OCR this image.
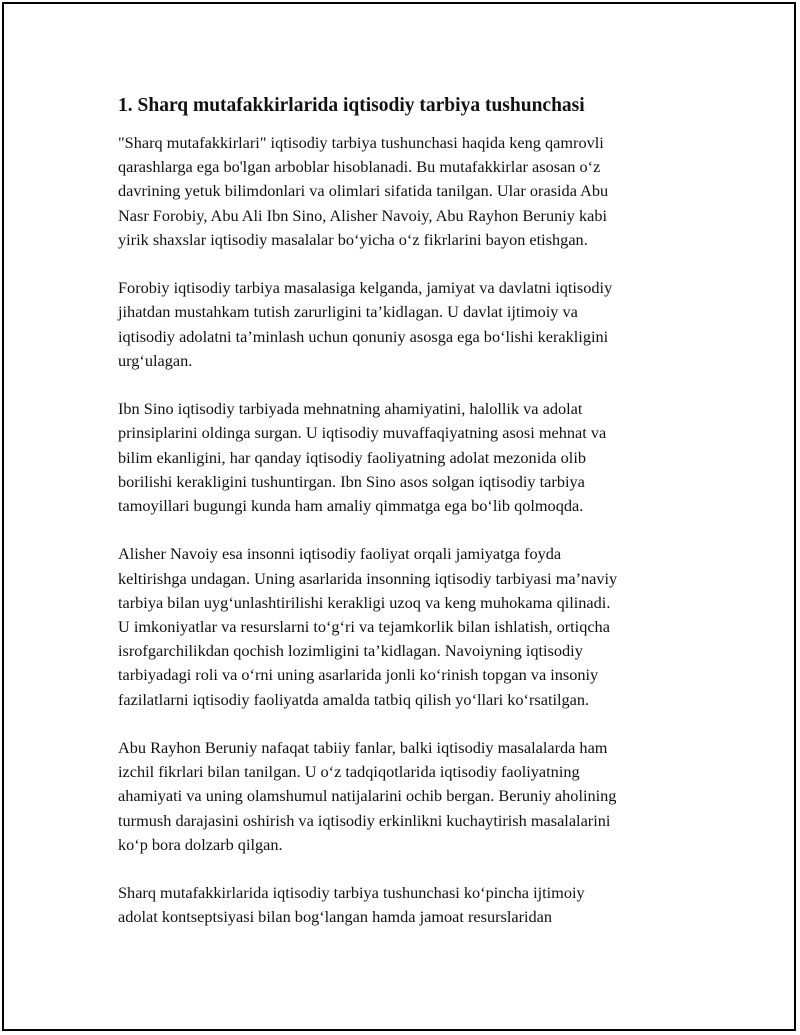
1. Sharq mutafakkirlarida iqtisodiy tarbiya tushunchasi
"Sharq mutafakkirlari" iqtisodiy tarbiya tushunchasi haqida keng qamrovli
qarashlarga ega bo'lgan arboblar hisoblanadi. Bu mutafakkirlar asosan o‘z
davrining yetuk bilimdonlari va olimlari sifatida tanilgan. Ular orasida Abu
Nasr Forobiy, Abu Ali Ibn Sino, Alisher Navoiy, Abu Rayhon Beruniy kabi
yirik shaxslar iqtisodiy masalalar bo‘yicha o‘z fikrlarini bayon etishgan.
Forobiy iqtisodiy tarbiya masalasiga kelganda, jamiyat va davlatni iqtisodiy
jihatdan mustahkam tutish zarurligini ta’kidlagan. U davlat ijtimoiy va
iqtisodiy adolatni ta’minlash uchun qonuniy asosga ega bo‘lishi kerakligini
urg‘ulagan.
Ibn Sino iqtisodiy tarbiyada mehnatning ahamiyatini, halollik va adolat
prinsiplarini oldinga surgan. U iqtisodiy muvaffaqiyatning asosi mehnat va
bilim ekanligini, har qanday iqtisodiy faoliyatning adolat mezonida olib
borilishi kerakligini tushuntirgan. Ibn Sino asos solgan iqtisodiy tarbiya
tamoyillari bugungi kunda ham amaliy qimmatga ega bo‘lib qolmoqda.
Alisher Navoiy esa insonni iqtisodiy faoliyat orqali jamiyatga foyda
keltirishga undagan. Uning asarlarida insonning iqtisodiy tarbiyasi ma’naviy
tarbiya bilan uyg‘unlashtirilishi kerakligi uzoq va keng muhokama qilinadi.
U imkoniyatlar va resurslarni to‘g‘ri va tejamkorlik bilan ishlatish, ortiqcha
isrofgarchilikdan qochish lozimligini ta’kidlagan. Navoiyning iqtisodiy
tarbiyadagi roli va o‘rni uning asarlarida jonli ko‘rinish topgan va insoniy
fazilatlarni iqtisodiy faoliyatda amalda tatbiq qilish yo‘llari ko‘rsatilgan.
Abu Rayhon Beruniy nafaqat tabiiy fanlar, balki iqtisodiy masalalarda ham
izchil fikrlari bilan tanilgan. U o‘z tadqiqotlarida iqtisodiy faoliyatning
ahamiyati va uning olamshumul natijalarini ochib bergan. Beruniy aholining
turmush darajasini oshirish va iqtisodiy erkinlikni kuchaytirish masalalarini
ko‘p bora dolzarb qilgan.
Sharq mutafakkirlarida iqtisodiy tarbiya tushunchasi ko‘pincha ijtimoiy
adolat kontseptsiyasi bilan bog‘langan hamda jamoat resurslaridan
